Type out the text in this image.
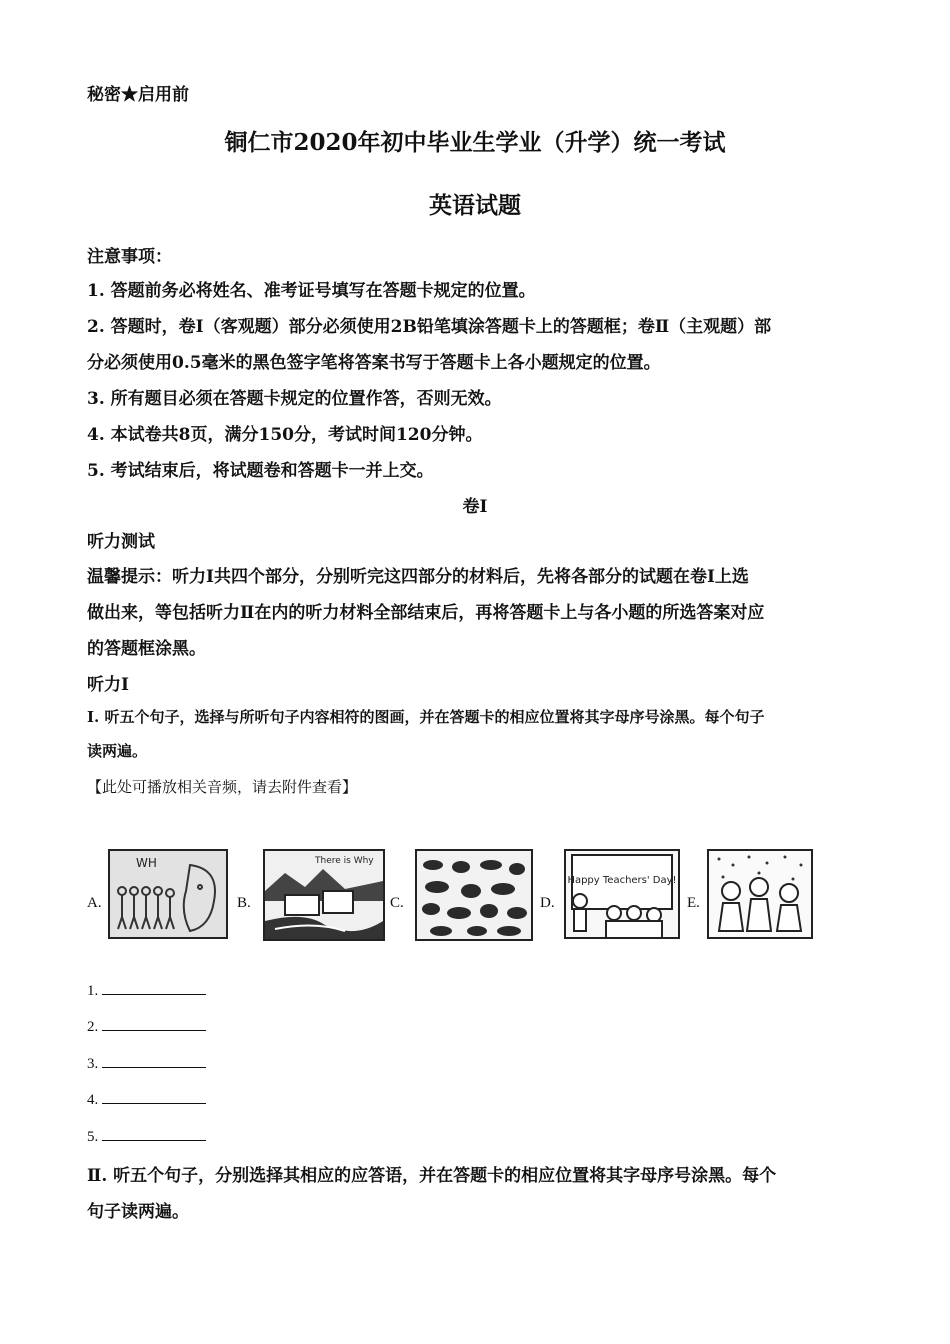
秘密★启用前
铜仁市2020年初中毕业生学业（升学）统一考试
英语试题
注意事项：
1. 答题前务必将姓名、准考证号填写在答题卡规定的位置。
2. 答题时，卷Ⅰ（客观题）部分必须使用2B铅笔填涂答题卡上的答题框；卷Ⅱ（主观题）部
分必须使用0.5毫米的黑色签字笔将答案书写于答题卡上各小题规定的位置。
3. 所有题目必须在答题卡规定的位置作答，否则无效。
4. 本试卷共8页，满分150分，考试时间120分钟。
5. 考试结束后，将试题卷和答题卡一并上交。
卷Ⅰ
听力测试
温馨提示：听力Ⅰ共四个部分，分别听完这四部分的材料后，先将各部分的试题在卷Ⅰ上选
做出来，等包括听力Ⅱ在内的听力材料全部结束后，再将答题卡上与各小题的所选答案对应
的答题框涂黑。
听力Ⅰ
Ⅰ. 听五个句子，选择与所听句子内容相符的图画，并在答题卡的相应位置将其字母序号涂黑。每个句子
读两遍。
【此处可播放相关音频，请去附件查看】
A.
WH
B.
There is Why
C.	D.
Happy Teachers' Day!
E.
1.
2.
3.
4.
5.
Ⅱ. 听五个句子，分别选择其相应的应答语，并在答题卡的相应位置将其字母序号涂黑。每个
句子读两遍。
